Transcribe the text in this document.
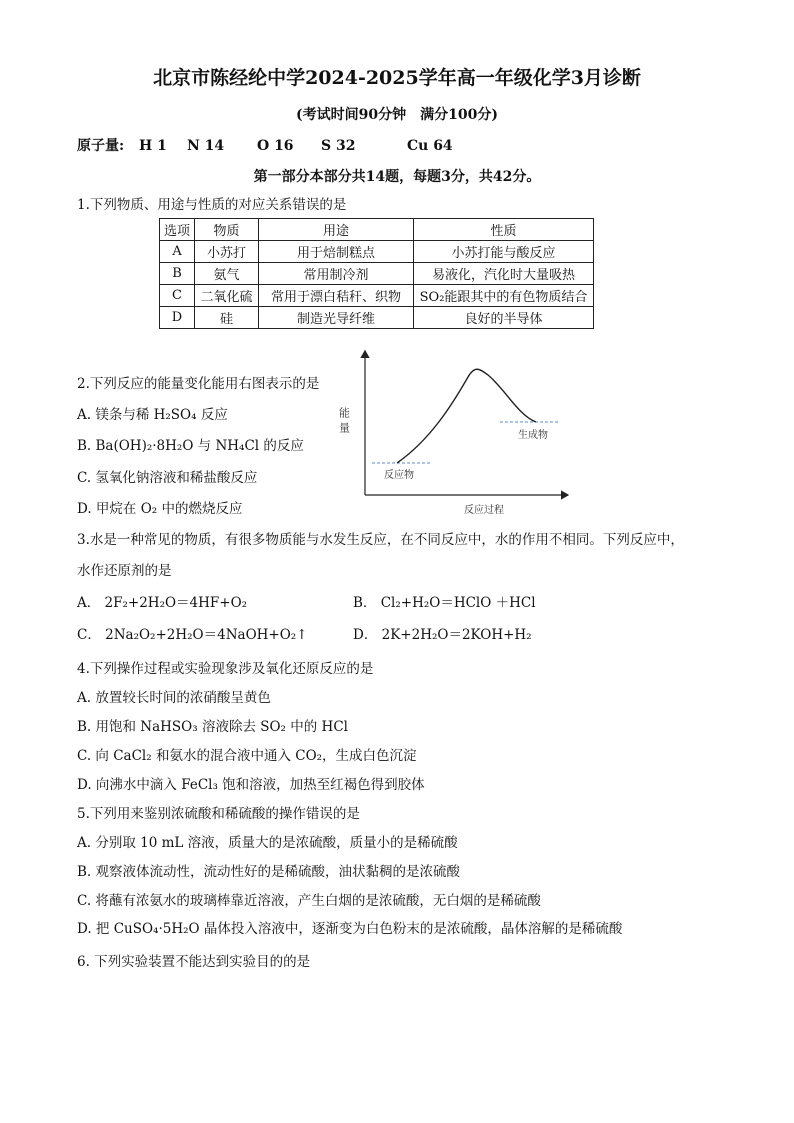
北京市陈经纶中学2024-2025学年高一年级化学3月诊断
(考试时间90分钟　满分100分)
原子量: H 1 N 14 O 16 S 32	Cu 64
第一部分本部分共14题，每题3分，共42分。
1.下列物质、用途与性质的对应关系错误的是
选项	物质	用途	性质
A	小苏打	用于焙制糕点	小苏打能与酸反应
B	氨气	常用制冷剂	易液化，汽化时大量吸热
C	二氧化硫	常用于漂白秸秆、织物	SO₂能跟其中的有色物质结合
D	硅	制造光导纤维	良好的半导体
2.下列反应的能量变化能用右图表示的是
A. 镁条与稀 H₂SO₄ 反应
B. Ba(OH)₂·8H₂O 与 NH₄Cl 的反应
C. 氢氧化钠溶液和稀盐酸反应
D. 甲烷在 O₂ 中的燃烧反应
能量
反应物
生成物
反应过程
3.水是一种常见的物质，有很多物质能与水发生反应，在不同反应中，水的作用不相同。下列反应中，
水作还原剂的是
A． 2F₂+2H₂O＝4HF+O₂	B． Cl₂+H₂O＝HClO ＋HCl
C． 2Na₂O₂+2H₂O＝4NaOH+O₂↑	D． 2K+2H₂O＝2KOH+H₂
4.下列操作过程或实验现象涉及氧化还原反应的是
A. 放置较长时间的浓硝酸呈黄色
B. 用饱和 NaHSO₃ 溶液除去 SO₂ 中的 HCl
C. 向 CaCl₂ 和氨水的混合液中通入 CO₂，生成白色沉淀
D. 向沸水中滴入 FeCl₃ 饱和溶液，加热至红褐色得到胶体
5.下列用来鉴别浓硫酸和稀硫酸的操作错误的是
A. 分别取 10 mL 溶液，质量大的是浓硫酸，质量小的是稀硫酸
B. 观察液体流动性，流动性好的是稀硫酸，油状黏稠的是浓硫酸
C. 将蘸有浓氨水的玻璃棒靠近溶液，产生白烟的是浓硫酸，无白烟的是稀硫酸
D. 把 CuSO₄·5H₂O 晶体投入溶液中，逐渐变为白色粉末的是浓硫酸，晶体溶解的是稀硫酸
6. 下列实验装置不能达到实验目的的是
